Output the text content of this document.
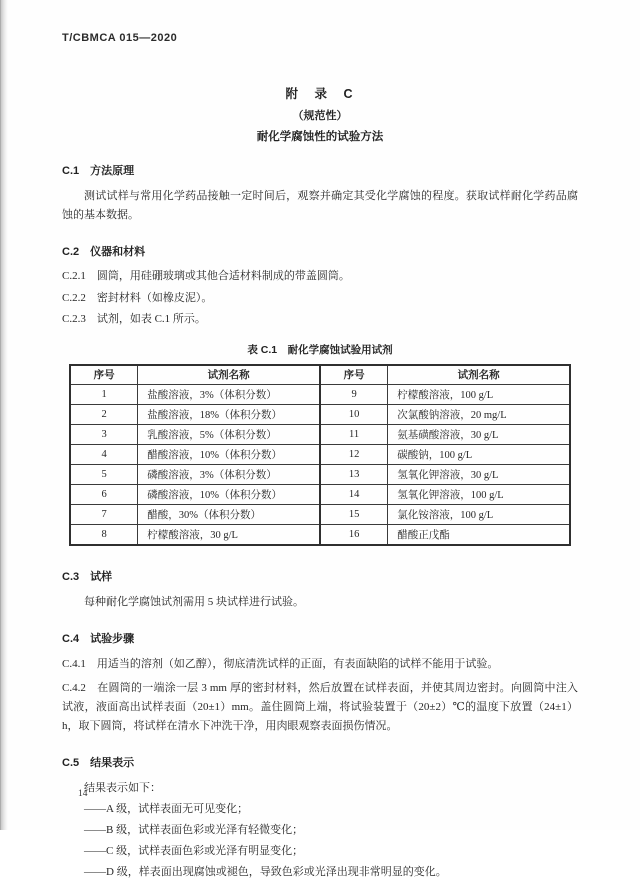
T/CBMCA 015—2020
附　录　C
（规范性）
耐化学腐蚀性的试验方法
C.1　方法原理

测试试样与常用化学药品接触一定时间后，观察并确定其受化学腐蚀的程度。获取试样耐化学药品腐蚀的基本数据。

C.2　仪器和材料

C.2.1　圆筒，用硅硼玻璃或其他合适材料制成的带盖圆筒。

C.2.2　密封材料（如橡皮泥）。

C.2.3　试剂，如表 C.1 所示。

表 C.1　耐化学腐蚀试验用试剂
序号	试剂名称	序号	试剂名称
1	盐酸溶液，3%（体积分数）	9	柠檬酸溶液，100 g/L
2	盐酸溶液，18%（体积分数）	10	次氯酸钠溶液，20 mg/L
3	乳酸溶液，5%（体积分数）	11	氨基磺酸溶液，30 g/L
4	醋酸溶液，10%（体积分数）	12	碳酸钠，100 g/L
5	磷酸溶液，3%（体积分数）	13	氢氧化钾溶液，30 g/L
6	磷酸溶液，10%（体积分数）	14	氢氧化钾溶液，100 g/L
7	醋酸，30%（体积分数）	15	氯化铵溶液，100 g/L
8	柠檬酸溶液，30 g/L	16	醋酸正戊酯
C.3　试样

每种耐化学腐蚀试剂需用 5 块试样进行试验。

C.4　试验步骤

C.4.1　用适当的溶剂（如乙醇），彻底清洗试样的正面，有表面缺陷的试样不能用于试验。

C.4.2　在圆筒的一端涂一层 3 mm 厚的密封材料，然后放置在试样表面，并使其周边密封。向圆筒中注入试液，液面高出试样表面（20±1）mm。盖住圆筒上端，将试验装置于（20±2）℃的温度下放置（24±1）h，取下圆筒，将试样在清水下冲洗干净，用肉眼观察表面损伤情况。

C.5　结果表示

结果表示如下：

——A 级，试样表面无可见变化；

——B 级，试样表面色彩或光泽有轻微变化；

——C 级，试样表面色彩或光泽有明显变化；

——D 级，样表面出现腐蚀或褪色，导致色彩或光泽出现非常明显的变化。

14
